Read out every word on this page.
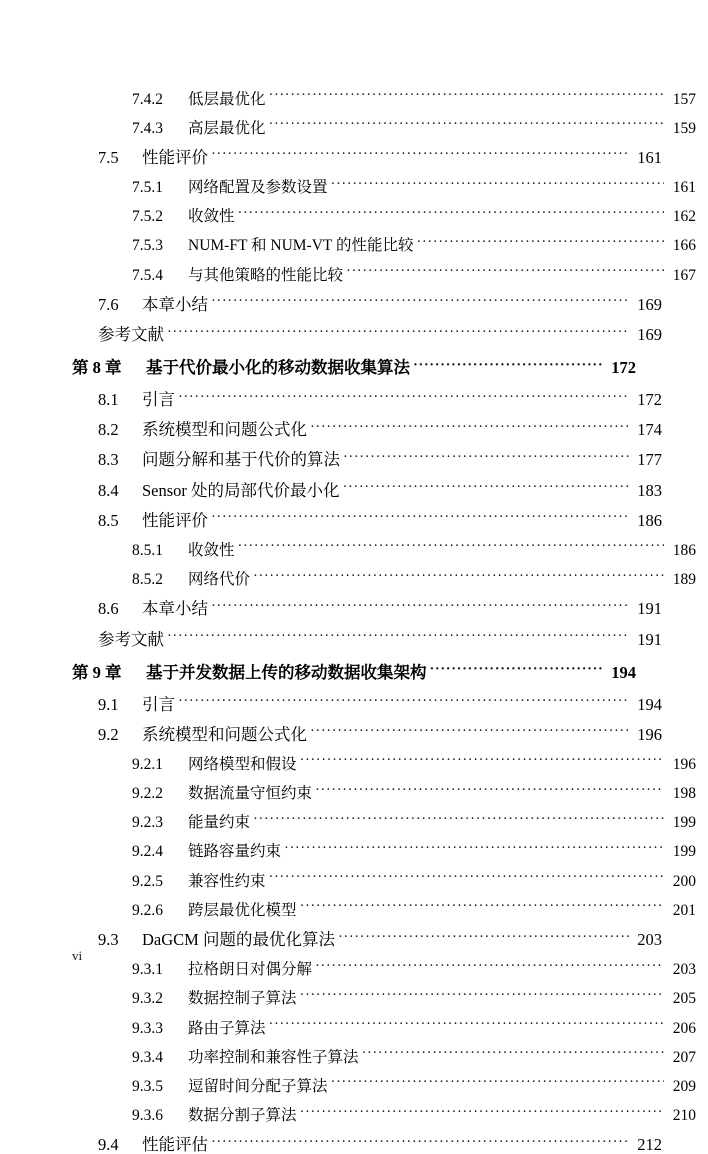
7.4.2	低层最优化 ·····	157
7.4.3	高层最优化 ·····	159
7.5	性能评价 ·····	161
7.5.1	网络配置及参数设置 ·····	161
7.5.2	收敛性 ·····	162
7.5.3	NUM-FT 和 NUM-VT 的性能比较 ·····	166
7.5.4	与其他策略的性能比较 ·····	167
7.6	本章小结 ·····	169
参考文献 ·····	169
第 8 章	基于代价最小化的移动数据收集算法 ·····	172
8.1	引言 ·····	172
8.2	系统模型和问题公式化 ·····	174
8.3	问题分解和基于代价的算法 ·····	177
8.4	Sensor 处的局部代价最小化 ·····	183
8.5	性能评价 ·····	186
8.5.1	收敛性 ·····	186
8.5.2	网络代价 ·····	189
8.6	本章小结 ·····	191
参考文献 ·····	191
第 9 章	基于并发数据上传的移动数据收集架构 ·····	194
9.1	引言 ·····	194
9.2	系统模型和问题公式化 ·····	196
9.2.1	网络模型和假设 ·····	196
9.2.2	数据流量守恒约束 ·····	198
9.2.3	能量约束 ·····	199
9.2.4	链路容量约束 ·····	199
9.2.5	兼容性约束 ·····	200
9.2.6	跨层最优化模型 ·····	201
9.3	DaGCM 问题的最优化算法 ·····	203
9.3.1	拉格朗日对偶分解 ·····	203
9.3.2	数据控制子算法 ·····	205
9.3.3	路由子算法 ·····	206
9.3.4	功率控制和兼容性子算法 ·····	207
9.3.5	逗留时间分配子算法 ·····	209
9.3.6	数据分割子算法 ·····	210
9.4	性能评估 ·····	212
vi
